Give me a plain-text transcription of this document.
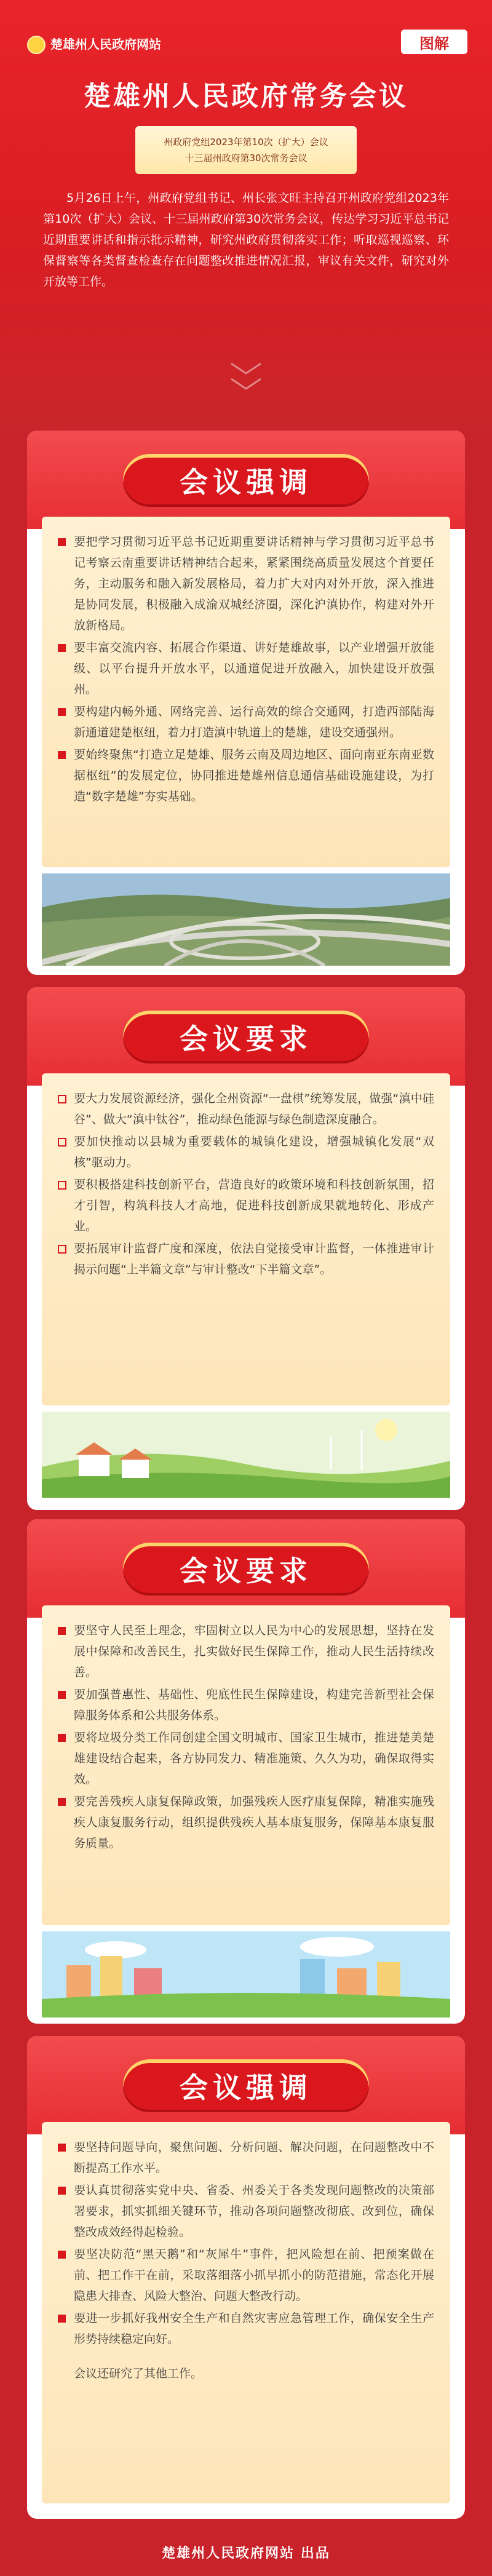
楚雄州人民政府网站	图解
楚雄州人民政府常务会议
州政府党组2023年第10次（扩大）会议
十三届州政府第30次常务会议
5月26日上午，州政府党组书记、州长张文旺主持召开州政府党组2023年第10次（扩大）会议、十三届州政府第30次常务会议，传达学习习近平总书记近期重要讲话和指示批示精神，研究州政府贯彻落实工作；听取巡视巡察、环保督察等各类督查检查存在问题整改推进情况汇报，审议有关文件，研究对外开放等工作。
会议强调
要把学习贯彻习近平总书记近期重要讲话精神与学习贯彻习近平总书记考察云南重要讲话精神结合起来，紧紧围绕高质量发展这个首要任务，主动服务和融入新发展格局，着力扩大对内对外开放，深入推进是协同发展，积极融入成渝双城经济圈，深化沪滇协作，构建对外开放新格局。
要丰富交流内容、拓展合作渠道、讲好楚雄故事，以产业增强开放能级、以平台提升开放水平，以通道促进开放融入，加快建设开放强州。
要构建内畅外通、网络完善、运行高效的综合交通网，打造西部陆海新通道建楚枢纽，着力打造滇中轨道上的楚雄，建设交通强州。
要始终聚焦“打造立足楚雄、服务云南及周边地区、面向南亚东南亚数据枢纽”的发展定位，协同推进楚雄州信息通信基础设施建设，为打造“数字楚雄”夯实基础。
会议要求
要大力发展资源经济，强化全州资源“一盘棋”统筹发展，做强“滇中硅谷”、做大“滇中钛谷”，推动绿色能源与绿色制造深度融合。
要加快推动以县城为重要载体的城镇化建设，增强城镇化发展“双核”驱动力。
要积极搭建科技创新平台，营造良好的政策环境和科技创新氛围，招才引智，构筑科技人才高地，促进科技创新成果就地转化、形成产业。
要拓展审计监督广度和深度，依法自觉接受审计监督，一体推进审计揭示问题“上半篇文章”与审计整改“下半篇文章”。
会议要求
要坚守人民至上理念，牢固树立以人民为中心的发展思想，坚持在发展中保障和改善民生，扎实做好民生保障工作，推动人民生活持续改善。
要加强普惠性、基础性、兜底性民生保障建设，构建完善新型社会保障服务体系和公共服务体系。
要将垃圾分类工作同创建全国文明城市、国家卫生城市，推进楚美楚雄建设结合起来，各方协同发力、精准施策、久久为功，确保取得实效。
要完善残疾人康复保障政策，加强残疾人医疗康复保障，精准实施残疾人康复服务行动，组织提供残疾人基本康复服务，保障基本康复服务质量。
会议强调
要坚持问题导向，聚焦问题、分析问题、解决问题，在问题整改中不断提高工作水平。
要认真贯彻落实党中央、省委、州委关于各类发现问题整改的决策部署要求，抓实抓细关键环节，推动各项问题整改彻底、改到位，确保整改成效经得起检验。
要坚决防范“黑天鹅”和“灰犀牛”事件，把风险想在前、把预案做在前、把工作干在前，采取落细落小抓早抓小的防范措施，常态化开展隐患大排查、风险大整治、问题大整改行动。
要进一步抓好我州安全生产和自然灾害应急管理工作，确保安全生产形势持续稳定向好。
会议还研究了其他工作。
楚雄州人民政府网站 出品
